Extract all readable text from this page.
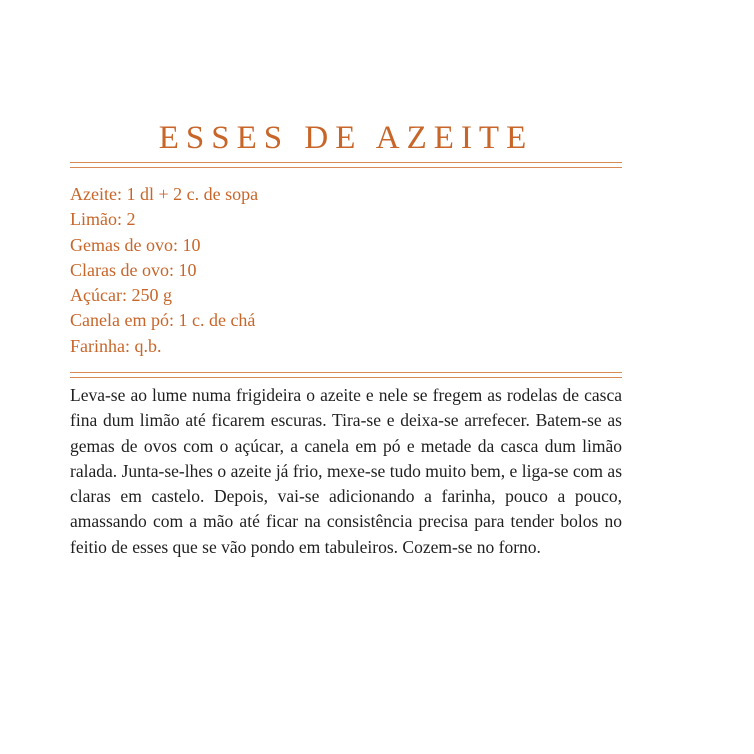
ESSES DE AZEITE
Azeite: 1 dl + 2 c. de sopa
Limão: 2
Gemas de ovo: 10
Claras de ovo: 10
Açúcar: 250 g
Canela em pó: 1 c. de chá
Farinha: q.b.

Leva-se ao lume numa frigideira o azeite e nele se fregem as rodelas de casca fina dum limão até ficarem escuras. Tira-se e deixa-se arrefecer. Batem-se as gemas de ovos com o açúcar, a canela em pó e metade da casca dum limão ralada. Junta-se-lhes o azeite já frio, mexe-se tudo muito bem, e liga-se com as claras em castelo. Depois, vai-se adicionando a farinha, pouco a pouco, amassando com a mão até ficar na consistência precisa para tender bolos no feitio de esses que se vão pondo em tabuleiros. Cozem-se no forno.
